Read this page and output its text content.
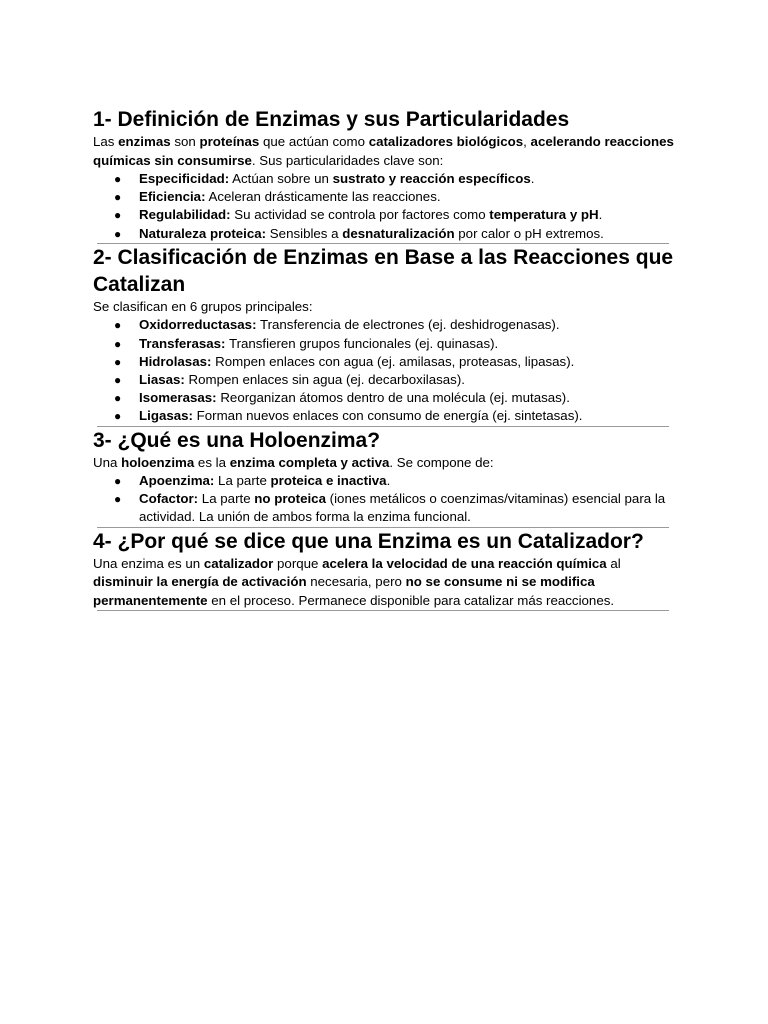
1- Definición de Enzimas y sus Particularidades

Las enzimas son proteínas que actúan como catalizadores biológicos, acelerando reacciones químicas sin consumirse. Sus particularidades clave son:

● Especificidad: Actúan sobre un sustrato y reacción específicos.
● Eficiencia: Aceleran drásticamente las reacciones.
● Regulabilidad: Su actividad se controla por factores como temperatura y pH.
● Naturaleza proteica: Sensibles a desnaturalización por calor o pH extremos.
2- Clasificación de Enzimas en Base a las Reacciones que Catalizan

Se clasifican en 6 grupos principales:

● Oxidorreductasas: Transferencia de electrones (ej. deshidrogenasas).
● Transferasas: Transfieren grupos funcionales (ej. quinasas).
● Hidrolasas: Rompen enlaces con agua (ej. amilasas, proteasas, lipasas).
● Liasas: Rompen enlaces sin agua (ej. decarboxilasas).
● Isomerasas: Reorganizan átomos dentro de una molécula (ej. mutasas).
● Ligasas: Forman nuevos enlaces con consumo de energía (ej. sintetasas).
3- ¿Qué es una Holoenzima?

Una holoenzima es la enzima completa y activa. Se compone de:

● Apoenzima: La parte proteica e inactiva.
● Cofactor: La parte no proteica (iones metálicos o coenzimas/vitaminas) esencial para la actividad. La unión de ambos forma la enzima funcional.
4- ¿Por qué se dice que una Enzima es un Catalizador?

Una enzima es un catalizador porque acelera la velocidad de una reacción química al disminuir la energía de activación necesaria, pero no se consume ni se modifica permanentemente en el proceso. Permanece disponible para catalizar más reacciones.
